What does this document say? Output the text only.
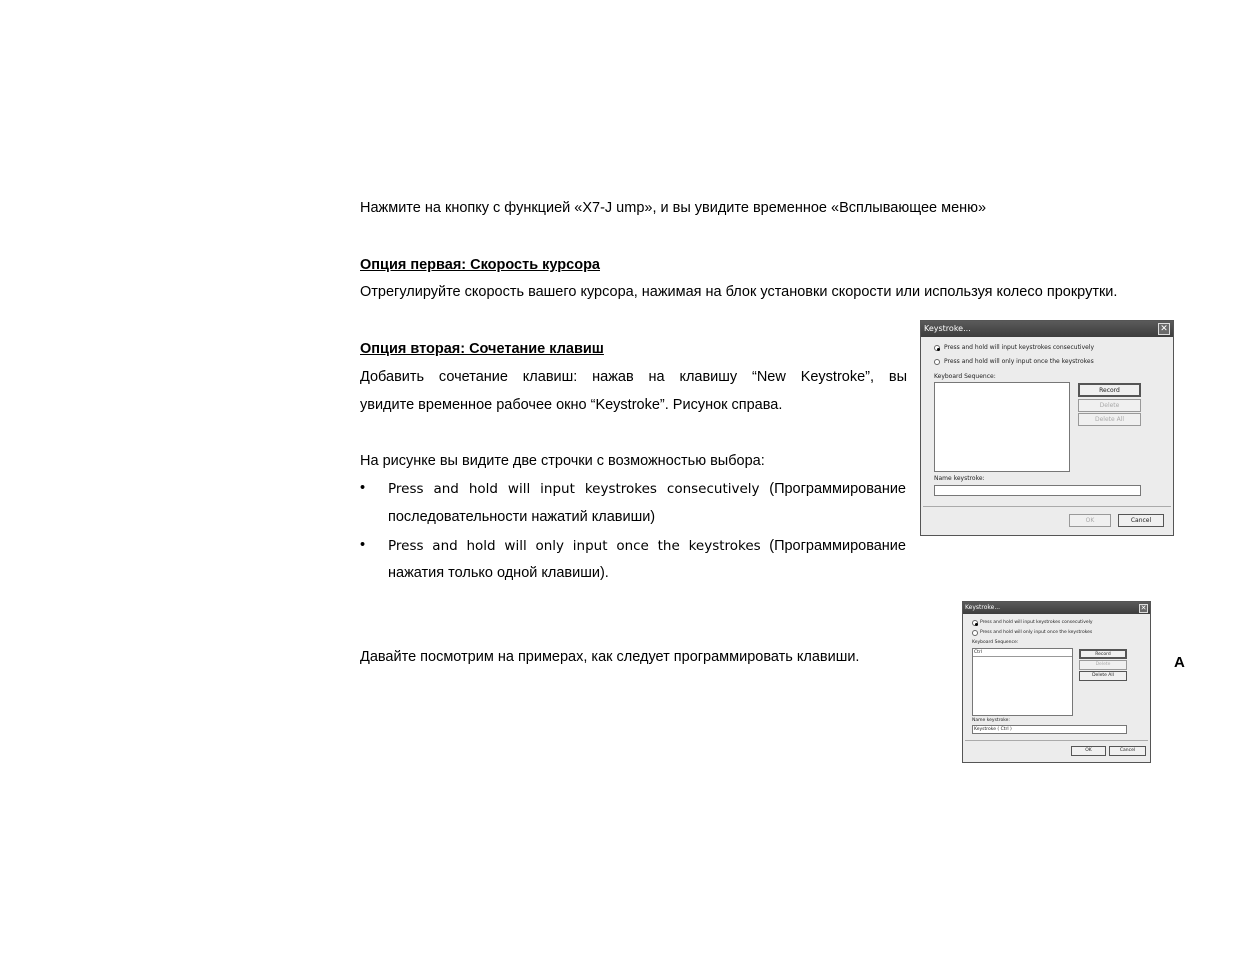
Нажмите на кнопку с функцией «X7-J ump», и вы увидите временное «Всплывающее меню»
Опция первая: Скорость курсора
Отрегулируйте скорость вашего курсора, нажимая на блок установки скорости или используя колесо прокрутки.
Опция вторая: Сочетание клавиш
Добавить сочетание клавиш: нажав на клавишу “New Keystroke”, вы
увидите временное рабочее окно “Keystroke”. Рисунок справа.
На рисунке вы видите две строчки с возможностью выбора:
• Press and hold will input keystrokes consecutively (Программирование
последовательности нажатий клавиши)
• Press and hold will only input once the keystrokes (Программирование
нажатия только одной клавиши).
Давайте посмотрим на примерах, как следует программировать клавиши.	A
Keystroke...	✕
Press and hold will input keystrokes consecutively
Press and hold will only input once the keystrokes
Keyboard Sequence:
Record
Delete
Delete All
Name keystroke:
OK	Cancel
Keystroke...	✕
Press and hold will input keystrokes consecutively
Press and hold will only input once the keystrokes
Keyboard Sequence:
Ctrl	Record
Delete
Delete All
Name keystroke:
Keystroke ( Ctrl )
OK	Cancel
